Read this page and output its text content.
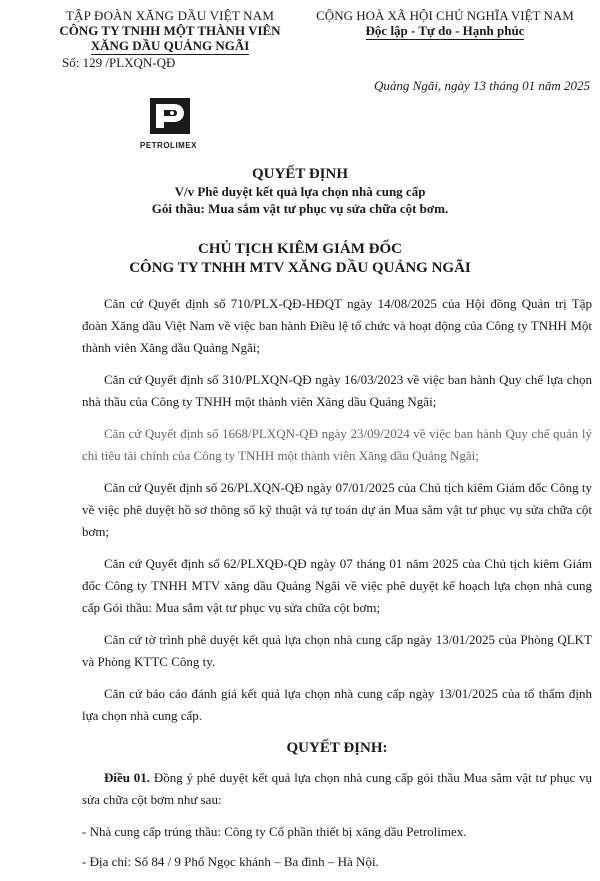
TẬP ĐOÀN XĂNG DẦU VIỆT NAM
CÔNG TY TNHH MỘT THÀNH VIÊN
XĂNG DẦU QUẢNG NGÃI
Số: 129 /PLXQN-QĐ
CỘNG HOÀ XÃ HỘI CHỦ NGHĨA VIỆT NAM
Độc lập - Tự do - Hạnh phúc
Quảng Ngãi, ngày 13 tháng 01 năm 2025
PETROLIMEX
QUYẾT ĐỊNH
V/v Phê duyệt kết quả lựa chọn nhà cung cấp
Gói thầu: Mua sắm vật tư phục vụ sửa chữa cột bơm.
CHỦ TỊCH KIÊM GIÁM ĐỐC
CÔNG TY TNHH MTV XĂNG DẦU QUẢNG NGÃI

Căn cứ Quyết định số 710/PLX-QĐ-HĐQT ngày 14/08/2025 của Hội đồng Quản trị Tập đoàn Xăng dầu Việt Nam về việc ban hành Điều lệ tổ chức và hoạt động của Công ty TNHH Một thành viên Xăng dầu Quảng Ngãi;

Căn cứ Quyết định số 310/PLXQN-QĐ ngày 16/03/2023 về việc ban hành Quy chế lựa chọn nhà thầu của Công ty TNHH một thành viên Xăng dầu Quảng Ngãi;

Căn cứ Quyết định số 1668/PLXQN-QĐ ngày 23/09/2024 về việc ban hành Quy chế quản lý chi tiêu tài chính của Công ty TNHH một thành viên Xăng dầu Quảng Ngãi;

Căn cứ Quyết định số 26/PLXQN-QĐ ngày 07/01/2025 của Chủ tịch kiêm Giám đốc Công ty về việc phê duyệt hồ sơ thông số kỹ thuật và tự toán dự án Mua sắm vật tư phục vụ sửa chữa cột bơm;

Căn cứ Quyết định số 62/PLXQĐ-QĐ ngày 07 tháng 01 năm 2025 của Chủ tịch kiêm Giám đốc Công ty TNHH MTV xăng dầu Quảng Ngãi về việc phê duyệt kế hoạch lựa chọn nhà cung cấp Gói thầu: Mua sắm vật tư phục vụ sửa chữa cột bơm;

Căn cứ tờ trình phê duyệt kết quả lựa chọn nhà cung cấp ngày 13/01/2025 của Phòng QLKT và Phòng KTTC Công ty.

Căn cứ báo cáo đánh giá kết quả lựa chọn nhà cung cấp ngày 13/01/2025 của tổ thẩm định lựa chọn nhà cung cấp.

QUYẾT ĐỊNH:

Điều 01. Đồng ý phê duyệt kết quả lựa chọn nhà cung cấp gói thầu Mua sắm vật tư phục vụ sửa chữa cột bơm như sau:

- Nhà cung cấp trúng thầu: Công ty Cổ phần thiết bị xăng dầu Petrolimex.

- Địa chỉ: Số 84 / 9 Phố Ngọc khánh – Ba đình – Hà Nội.
